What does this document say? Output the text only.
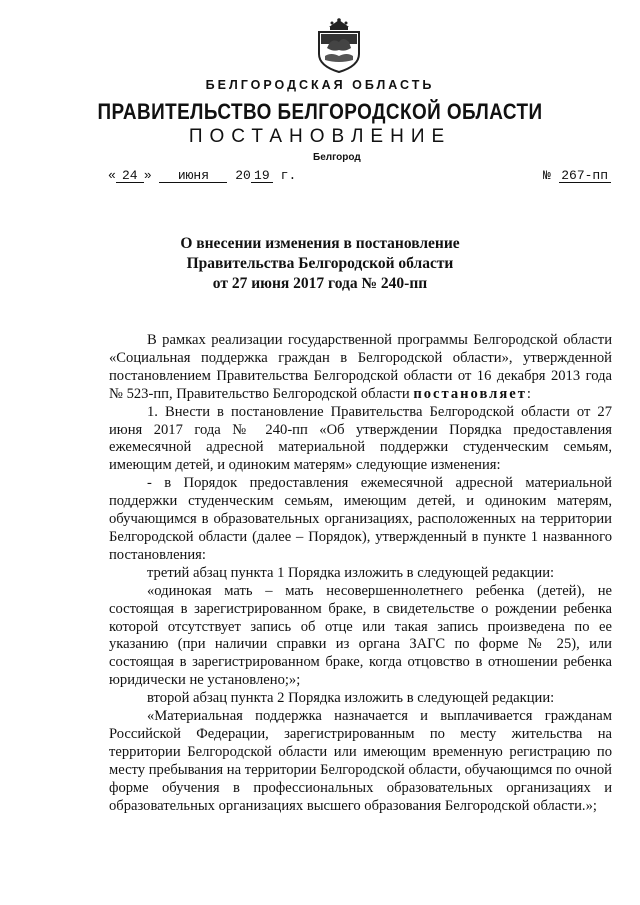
БЕЛГОРОДСКАЯ ОБЛАСТЬ
ПРАВИТЕЛЬСТВО БЕЛГОРОДСКОЙ ОБЛАСТИ
ПОСТАНОВЛЕНИЕ
Белгород
« 24 » июня 20 19 г.	№ 267-пп
О внесении изменения в постановление
Правительства Белгородской области
от 27 июня 2017 года № 240-пп

В рамках реализации государственной программы Белгородской области «Социальная поддержка граждан в Белгородской области», утвержденной постановлением Правительства Белгородской области от 16 декабря 2013 года № 523-пп, Правительство Белгородской области постановляет:

1. Внести в постановление Правительства Белгородской области от 27 июня 2017 года № 240-пп «Об утверждении Порядка предоставления ежемесячной адресной материальной поддержки студенческим семьям, имеющим детей, и одиноким матерям» следующие изменения:

- в Порядок предоставления ежемесячной адресной материальной поддержки студенческим семьям, имеющим детей, и одиноким матерям, обучающимся в образовательных организациях, расположенных на территории Белгородской области (далее – Порядок), утвержденный в пункте 1 названного постановления:

третий абзац пункта 1 Порядка изложить в следующей редакции:

«одинокая мать – мать несовершеннолетнего ребенка (детей), не состоящая в зарегистрированном браке, в свидетельстве о рождении ребенка которой отсутствует запись об отце или такая запись произведена по ее указанию (при наличии справки из органа ЗАГС по форме № 25), или состоящая в зарегистрированном браке, когда отцовство в отношении ребенка юридически не установлено;»;

второй абзац пункта 2 Порядка изложить в следующей редакции:

«Материальная поддержка назначается и выплачивается гражданам Российской Федерации, зарегистрированным по месту жительства на территории Белгородской области или имеющим временную регистрацию по месту пребывания на территории Белгородской области, обучающимся по очной форме обучения в профессиональных образовательных организациях и образовательных организациях высшего образования Белгородской области.»;
